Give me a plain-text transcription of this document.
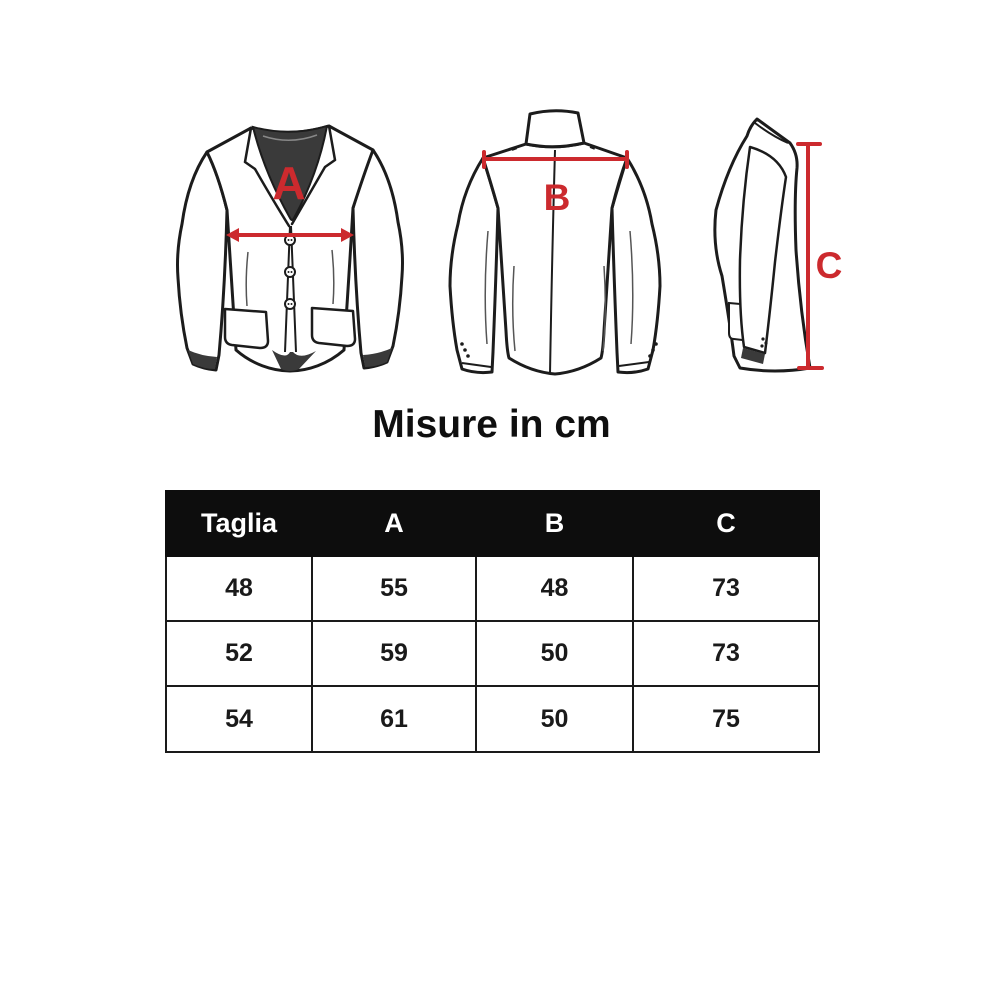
A	B
C
Misure in cm
Taglia	A	B	C
48	55	48	73
52	59	50	73
54	61	50	75
